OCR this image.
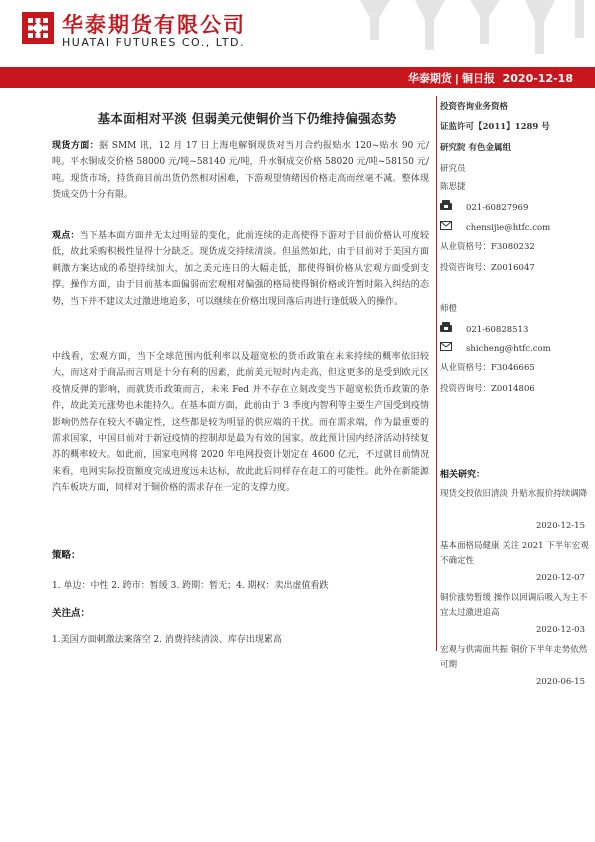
华泰期货有限公司
HUATAI FUTURES CO., LTD.
华泰期货 | 铜日报 2020-12-18
基本面相对平淡 但弱美元使铜价当下仍维持偏强态势
现货方面：据 SMM 讯，12 月 17 日上海电解铜现货对当月合约报贴水 120~贴水 90 元/吨。平水铜成交价格 58000 元/吨~58140 元/吨，升水铜成交价格 58020 元/吨~58150 元/吨。现货市场，持货商目前出货仍然相对困难，下游观望情绪因价格走高而丝毫不减。整体现货成交仍十分有限。
观点：当下基本面方面并无太过明显的变化，此前连续的走高使得下游对于目前价格认可度较低，故此采购积极性显得十分缺乏。现货成交持续清淡。但虽然如此，由于目前对于美国方面刺激方案达成的希望持续加大，加之美元连日的大幅走低，都使得铜价格从宏观方面受到支撑。操作方面，由于目前基本面偏弱而宏观相对偏强的格局使得铜价格或许暂时陷入纠结的态势，当下并不建议太过激进地追多，可以继续在价格出现回落后再进行逢低吸入的操作。
中线看，宏观方面，当下全球范围内低利率以及超宽松的货币政策在未来持续的概率依旧较大，而这对于商品而言则是十分有利的因素，此前美元短时内走高，但这更多的是受到欧元区疫情反弹的影响，而就货币政策而言，未来 Fed 并不存在立刻改变当下超宽松货币政策的条件，故此美元涨势也未能持久。在基本面方面，此前由于 3 季度内智利等主要生产国受到疫情影响仍然存在较大不确定性，这些都是较为明显的供应端的干扰。而在需求端，作为最重要的需求国家，中国目前对于新冠疫情的控制却是最为有效的国家。故此预计国内经济活动持续复苏的概率较大。如此前，国家电网将 2020 年电网投资计划定在 4600 亿元，不过就目前情况来看，电网实际投资额度完成进度远未达标，故此此后同样存在赶工的可能性。此外在新能源汽车板块方面，同样对于铜价格的需求存在一定的支撑力度。
策略：
1. 单边：中性 2. 跨市：暂缓 3. 跨期：暂无；4. 期权：卖出虚值看跌
关注点：
1.美国方面刺激法案落空 2. 消费持续清淡、库存出现累高
投资咨询业务资格
证监许可【2011】1289 号
研究院 有色金属组
研究员
陈思捷
021-60827969
chensijie@htfc.com
从业资格号：F3080232
投资咨询号：Z0016047
师橙
021-60828513
shicheng@htfc.com
从业资格号：F3046665
投资咨询号：Z0014806
相关研究：
现货交投依旧清淡 升贴水报价持续调降
2020-12-15
基本面格局健康 关注 2021 下半年宏观不确定性
2020-12-07
铜价涨势暂缓 操作以回调后吸入为主不宜太过激进追高
2020-12-03
宏观与供需面共振 铜价下半年走势依然可期
2020-06-15
